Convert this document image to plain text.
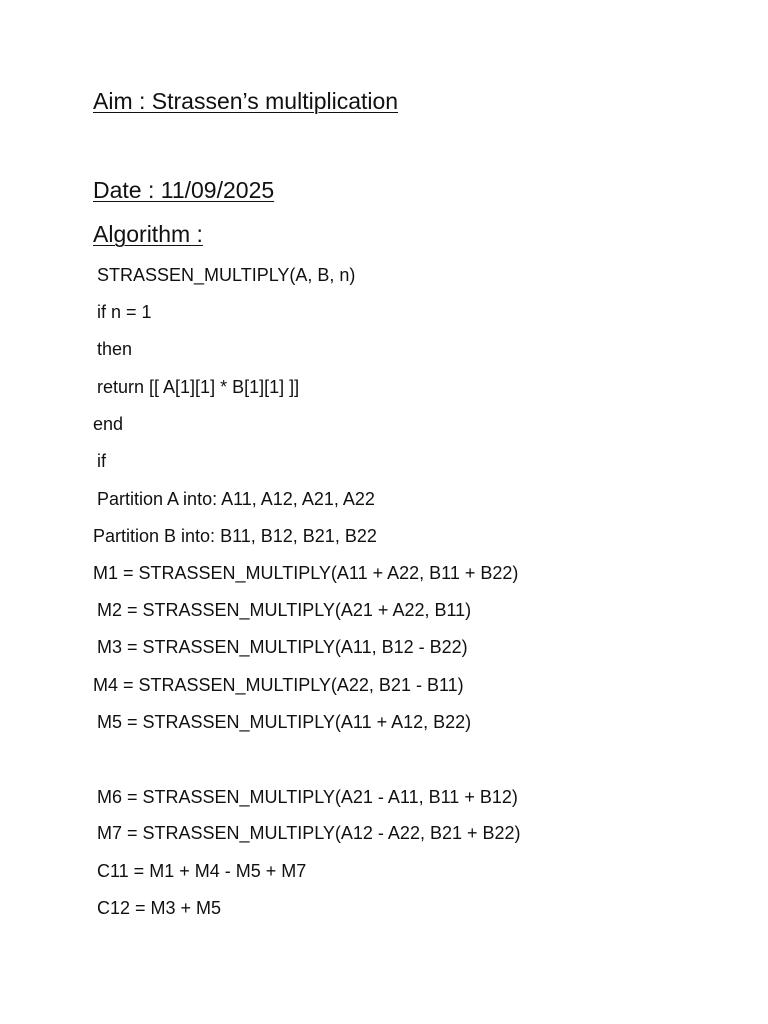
Aim : Strassen’s multiplication
Date : 11/09/2025
Algorithm :
STRASSEN_MULTIPLY(A, B, n)
if n = 1
then
return [[ A[1][1] * B[1][1] ]]
end
if
Partition A into: A11, A12, A21, A22
Partition B into: B11, B12, B21, B22
M1 = STRASSEN_MULTIPLY(A11 + A22, B11 + B22)
M2 = STRASSEN_MULTIPLY(A21 + A22, B11)
M3 = STRASSEN_MULTIPLY(A11, B12 - B22)
M4 = STRASSEN_MULTIPLY(A22, B21 - B11)
M5 = STRASSEN_MULTIPLY(A11 + A12, B22)
M6 = STRASSEN_MULTIPLY(A21 - A11, B11 + B12)
M7 = STRASSEN_MULTIPLY(A12 - A22, B21 + B22)
C11 = M1 + M4 - M5 + M7
C12 = M3 + M5
